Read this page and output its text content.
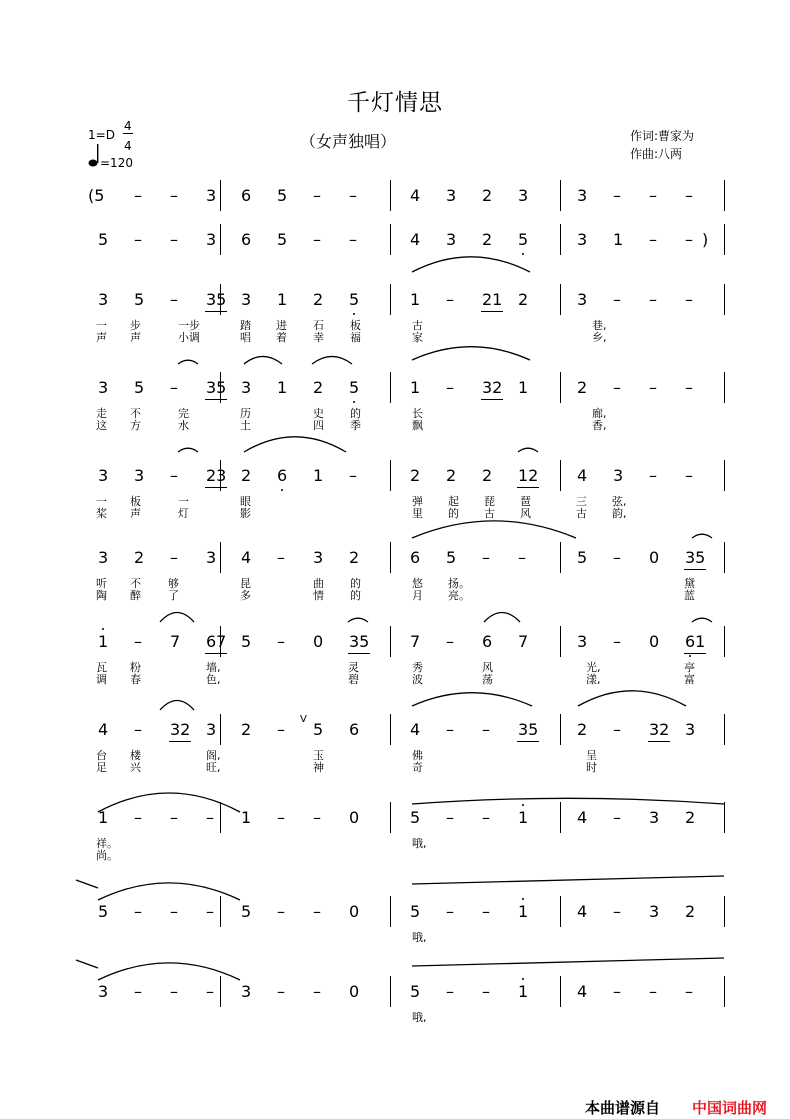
千灯情思
（女声独唱）
1=D
4
4
=120
作词:曹家为
作曲:八两
(5 – – 3 6 5 – –	4 3 2 3	3 – – –
5 – – 3 6 5 – –	4 3 2 5	3 1 – – )
3 5 – 35 3 1 2 5	1 – 21 2	3 – – –
一 步	一步	踏 进 石 板	古	巷,
声 声	小调	唱 着 幸 福	家	乡,
3 5 – 35 3 1 2 5	1 – 32 1	2 – – –
走 不	完	历	史 的	长	廊,
这 方	水	土	四 季	飘	香,
3 3 – 23 2 6 1 –	2 2 2 12 4 3 – –
一 板	一	眼	弹 起 琵 琶	三 弦,
桨 声	灯	影	里 的 古 风	古 韵,
3 2 – 3 4 – 3 2	6 5 – –	5 – 0 35
听 不 够	昆	曲 的	悠 扬。	黛
陶 醉 了	多	情 的	月 亮。	蓝
1 – 7 67 5 – 0 35	7 – 6 7	3 – 0 61
瓦 粉	墙,	灵	秀	风	光,	亭
调 春	色,	碧	波	荡	漾,	富
4 – 32 3 2 – 5 6	4 – – 35 2 – 32 3
V
台 楼	阁,	玉	佛	呈
足 兴	旺,	神	奇	时
1 – – – 1 – – 0	5 – – 1	4 – 3 2
祥。	哦,
尚。
5 – – – 5 – – 0	5 – – 1	4 – 3 2
哦,
3 – – – 3 – – 0	5 – – 1	4 – – –
哦,
本曲谱源自 中国词曲网
